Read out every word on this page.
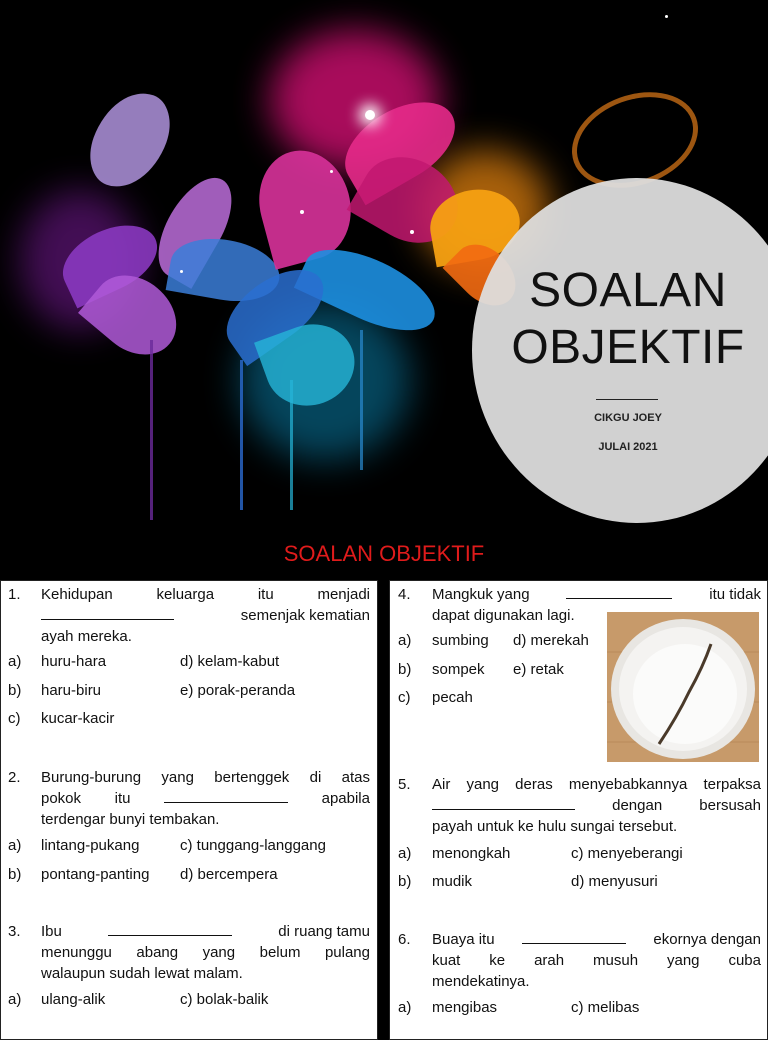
SOALAN
OBJEKTIF
CIKGU JOEY
JULAI 2021
SOALAN OBJEKTIF
1. Kehidupan keluarga itu menjadi
semenjak kematian
ayah mereka.
a) huru-hara	d) kelam-kabut
b) haru-biru	e) porak-peranda
c) kucar-kacir
2. Burung-burung yang bertenggek di atas
pokok itu	apabila
terdengar bunyi tembakan.
a) lintang-pukang	c) tunggang-langgang
b) pontang-panting d) bercempera
3. Ibu	di ruang tamu
menunggu abang yang belum pulang
walaupun sudah lewat malam.
a) ulang-alik	c) bolak-balik
4. Mangkuk yang	itu tidak
dapat digunakan lagi.
a) sumbing d) merekah
b) sompek e) retak
c) pecah
5. Air yang deras menyebabkannya terpaksa
dengan bersusah
payah untuk ke hulu sungai tersebut.
a) menongkah	c) menyeberangi
b) mudik	d) menyusuri
6. Buaya itu	ekornya dengan
kuat ke arah musuh yang cuba
mendekatinya.
a) mengibas	c) melibas
